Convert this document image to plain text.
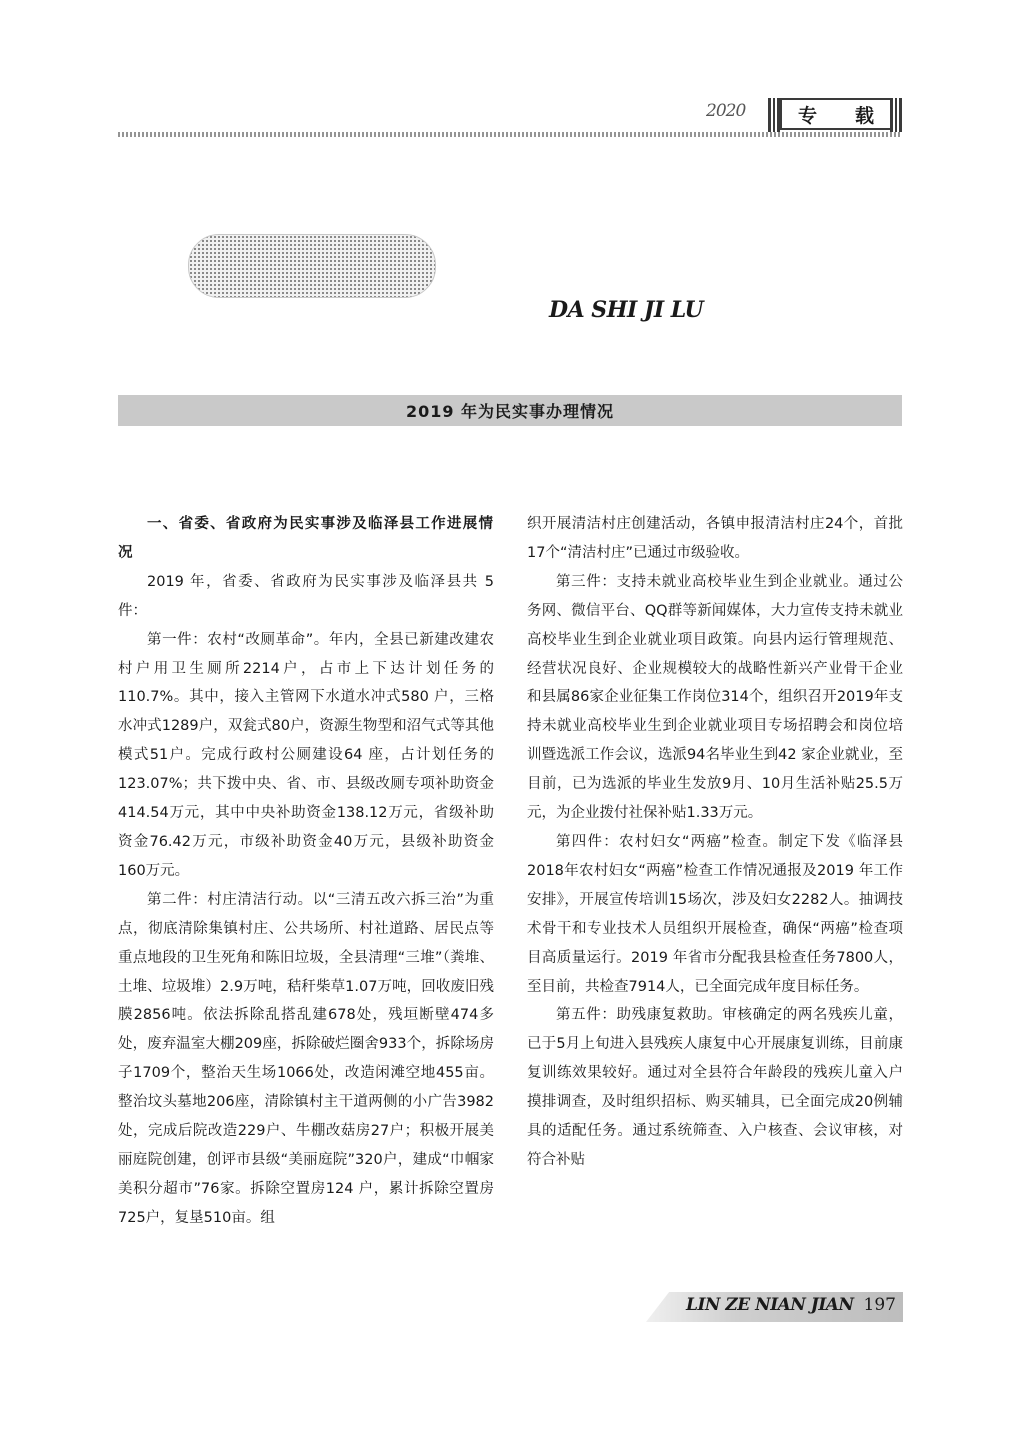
2020	专　　载
DA SHI JI LU
2019 年为民实事办理情况
一、省委、省政府为民实事涉及临泽县工作进展情况

2019 年，省委、省政府为民实事涉及临泽县共 5 件：

第一件：农村“改厕革命”。年内，全县已新建改建农村户用卫生厕所2214户，占市上下达计划任务的110.7%。其中，接入主管网下水道水冲式580 户，三格水冲式1289户，双瓮式80户，资源生物型和沼气式等其他模式51户。完成行政村公厕建设64 座，占计划任务的123.07%；共下拨中央、省、市、县级改厕专项补助资金414.54万元，其中中央补助资金138.12万元，省级补助资金76.42万元，市级补助资金40万元，县级补助资金160万元。

第二件：村庄清洁行动。以“三清五改六拆三治”为重点，彻底清除集镇村庄、公共场所、村社道路、居民点等重点地段的卫生死角和陈旧垃圾，全县清理“三堆”（粪堆、土堆、垃圾堆）2.9万吨，秸秆柴草1.07万吨，回收废旧残膜2856吨。依法拆除乱搭乱建678处，残垣断壁474多处，废弃温室大棚209座，拆除破烂圈舍933个，拆除场房子1709个，整治天生场1066处，改造闲滩空地455亩。整治坟头墓地206座，清除镇村主干道两侧的小广告3982处，完成后院改造229户、牛棚改菇房27户；积极开展美丽庭院创建，创评市县级“美丽庭院”320户，建成“巾帼家美积分超市”76家。拆除空置房124 户，累计拆除空置房725户，复垦510亩。组

织开展清洁村庄创建活动，各镇申报清洁村庄24个，首批17个“清洁村庄”已通过市级验收。

第三件：支持未就业高校毕业生到企业就业。通过公务网、微信平台、QQ群等新闻媒体，大力宣传支持未就业高校毕业生到企业就业项目政策。向县内运行管理规范、经营状况良好、企业规模较大的战略性新兴产业骨干企业和县属86家企业征集工作岗位314个，组织召开2019年支持未就业高校毕业生到企业就业项目专场招聘会和岗位培训暨选派工作会议，选派94名毕业生到42 家企业就业，至目前，已为选派的毕业生发放9月、10月生活补贴25.5万元，为企业拨付社保补贴1.33万元。

第四件：农村妇女“两癌”检查。制定下发《临泽县2018年农村妇女“两癌”检查工作情况通报及2019 年工作安排》，开展宣传培训15场次，涉及妇女2282人。抽调技术骨干和专业技术人员组织开展检查，确保“两癌”检查项目高质量运行。2019 年省市分配我县检查任务7800人，至目前，共检查7914人，已全面完成年度目标任务。

第五件：助残康复救助。审核确定的两名残疾儿童，已于5月上旬进入县残疾人康复中心开展康复训练，目前康复训练效果较好。通过对全县符合年龄段的残疾儿童入户摸排调查，及时组织招标、购买辅具，已全面完成20例辅具的适配任务。通过系统筛查、入户核查、会议审核，对符合补贴

LIN ZE NIAN JIAN 197
